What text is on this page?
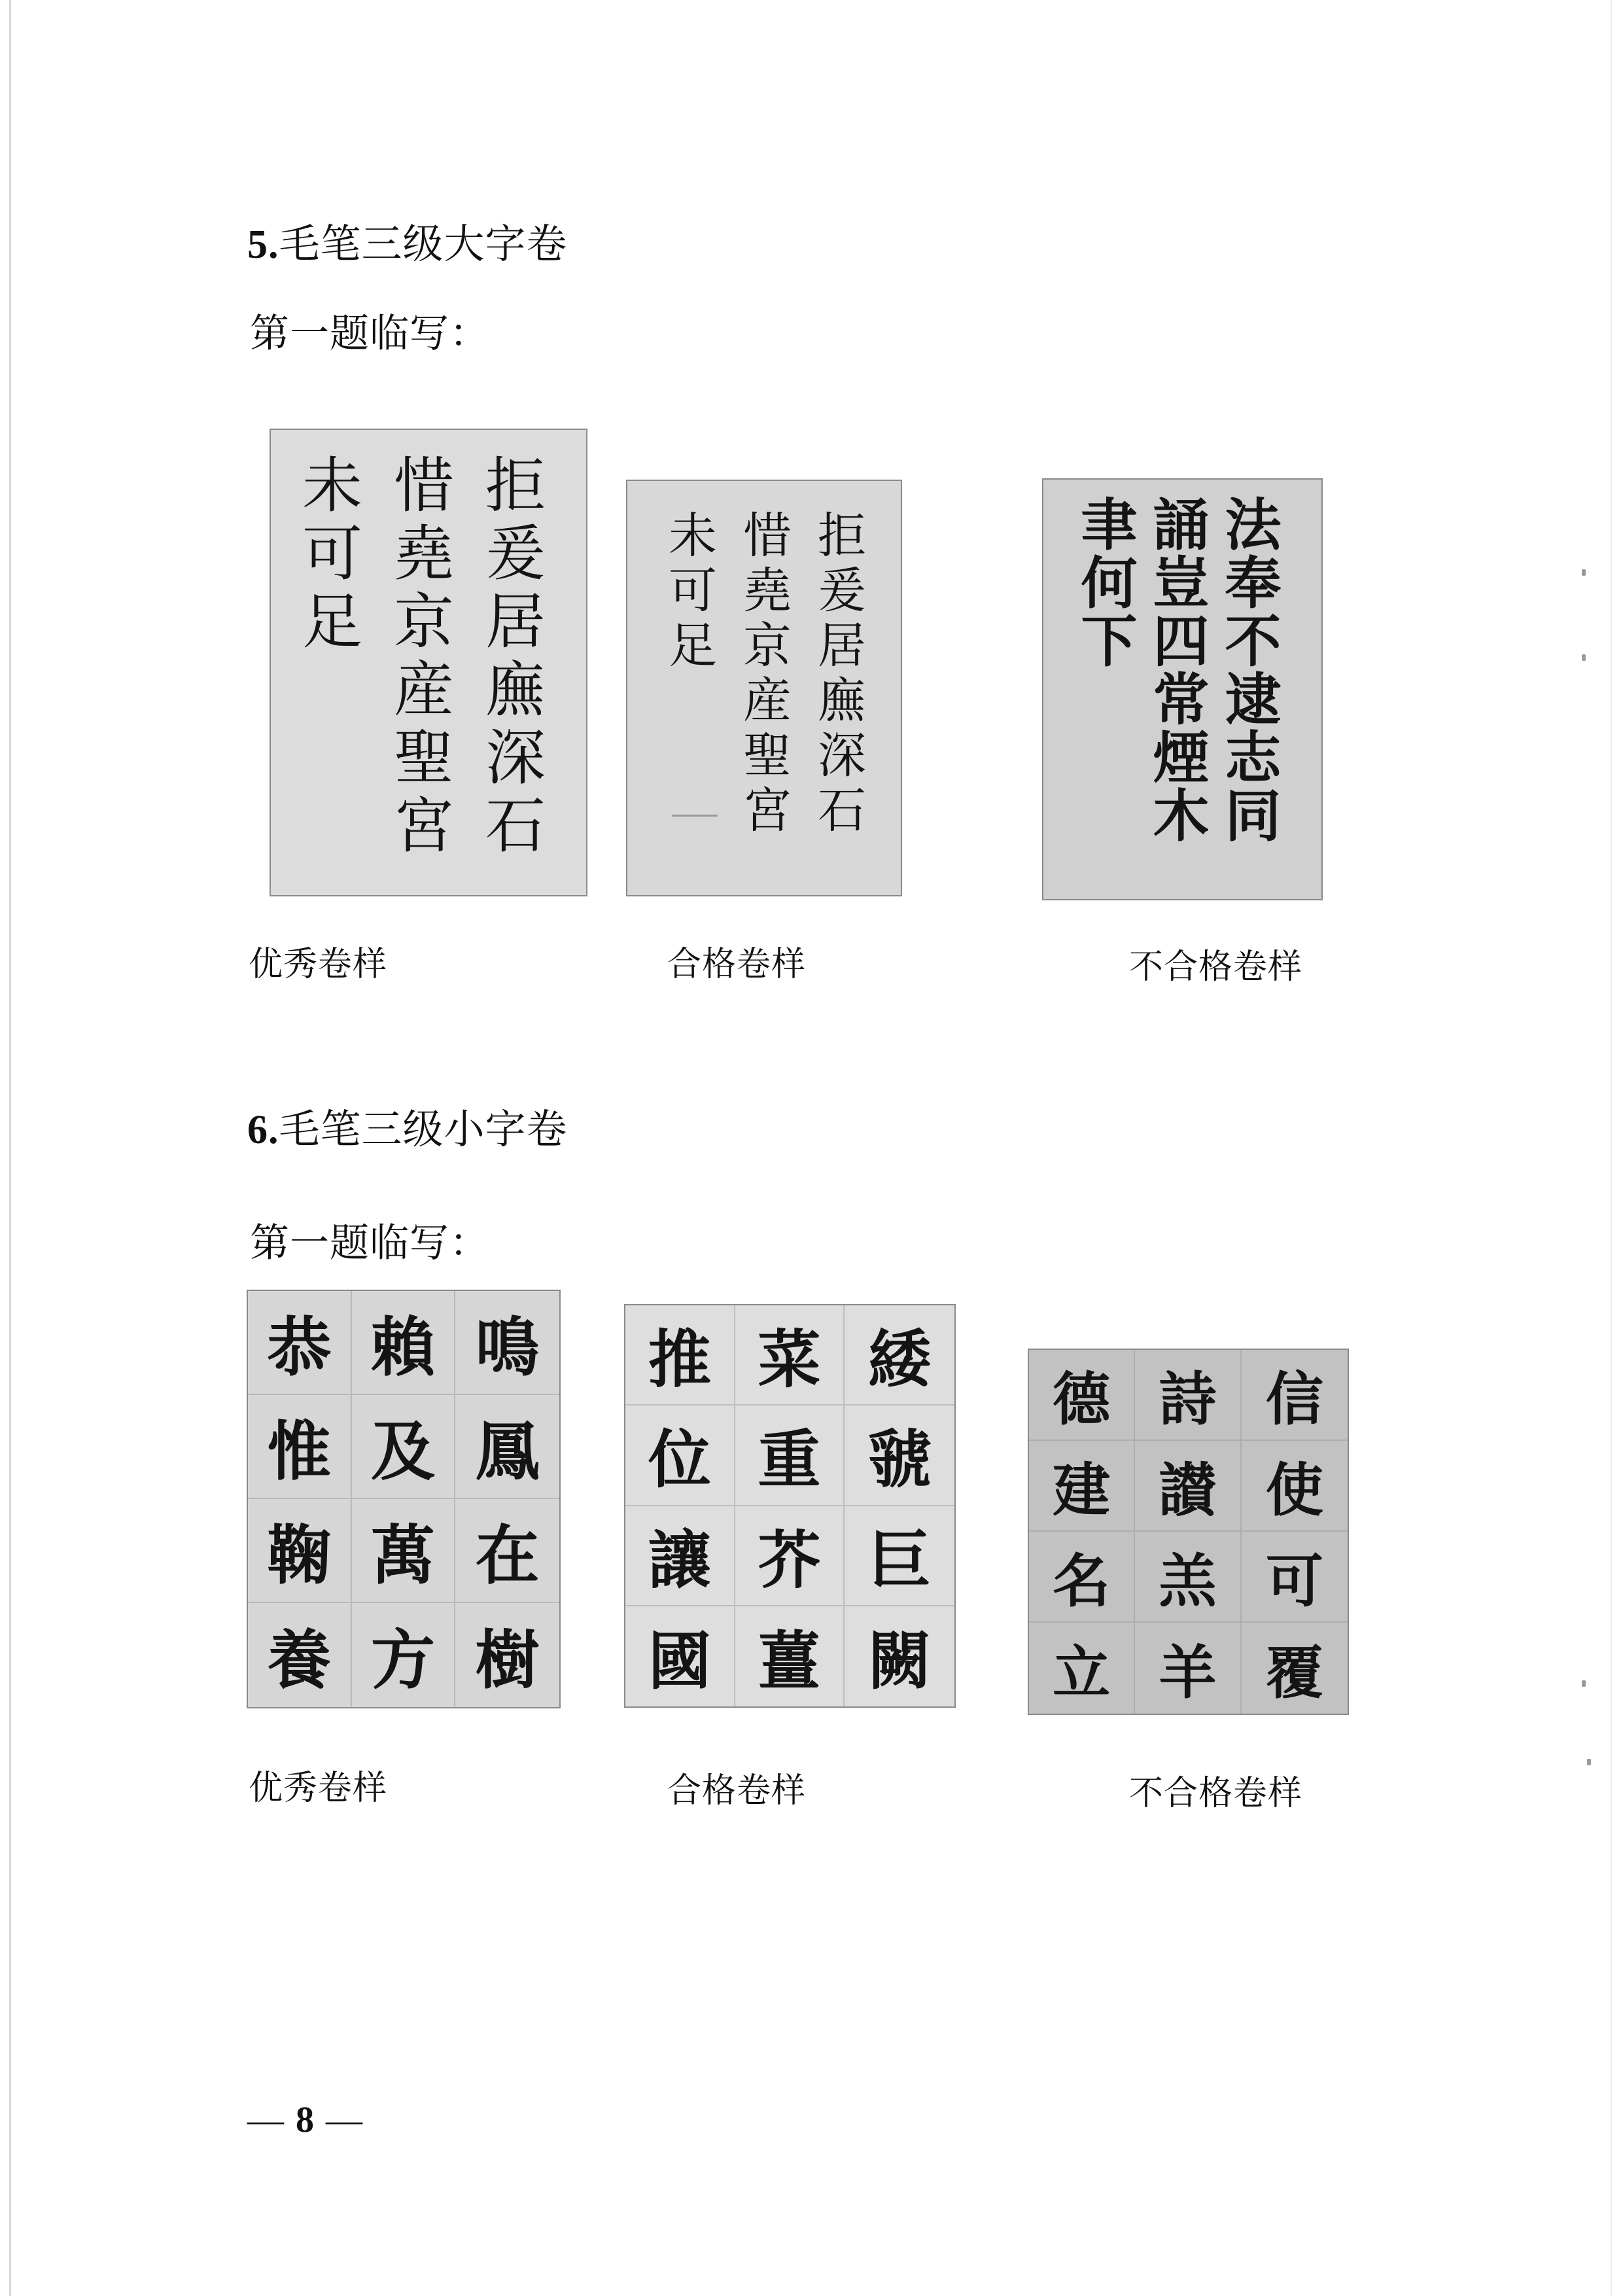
5.毛笔三级大字卷
第一题临写：
拒
爰
居
廡
深
石
惜
堯
京
産
聖
宮
未
可
足
拒
爰
居
廡
深
石
惜
堯
京
産
聖
宮
未
可
足
法
奉
不
逮
志
同
誦
豈
四
常
煙
木
聿
何
下
优秀卷样	合格卷样	不合格卷样
6.毛笔三级小字卷
第一题临写：
恭 賴 鳴
惟 及 鳳
鞠 萬 在
養 方 樹
推 菜 緌
位 重 虢
讓 芥 巨
國 薑 闕
德 詩 信
建 讃 使
名 羔 可
立 羊 覆
优秀卷样	合格卷样	不合格卷样
— 8 —
